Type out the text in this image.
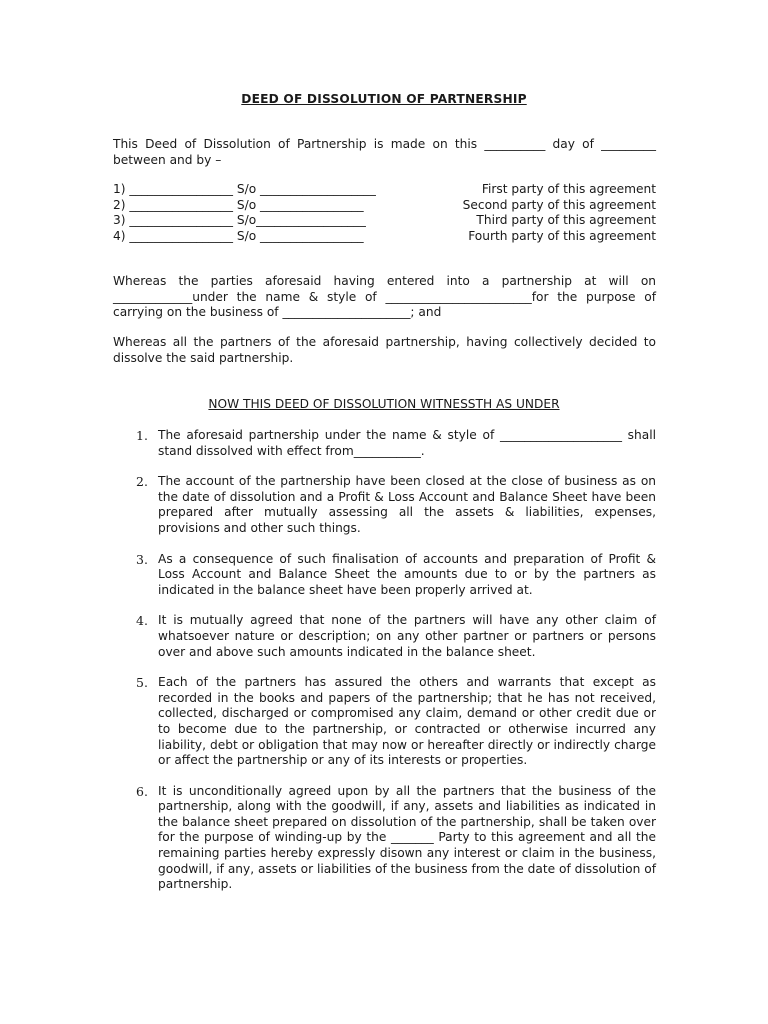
DEED OF DISSOLUTION OF PARTNERSHIP
This Deed of Dissolution of Partnership is made on this __________ day of _________ between and by –
1) _________________ S/o ___________________	First party of this agreement
2) _________________ S/o _________________	Second party of this agreement
3) _________________ S/o__________________	Third party of this agreement
4) _________________ S/o _________________	Fourth party of this agreement
Whereas the parties aforesaid having entered into a partnership at will on _____________under the name & style of ________________________for the purpose of carrying on the business of _____________________; and
Whereas all the partners of the aforesaid partnership, having collectively decided to dissolve the said partnership.
NOW THIS DEED OF DISSOLUTION WITNESSTH AS UNDER
1. The aforesaid partnership under the name & style of ____________________ shall stand dissolved with effect from___________.
2. The account of the partnership have been closed at the close of business as on the date of dissolution and a Profit & Loss Account and Balance Sheet have been prepared after mutually assessing all the assets & liabilities, expenses, provisions and other such things.
3. As a consequence of such finalisation of accounts and preparation of Profit & Loss Account and Balance Sheet the amounts due to or by the partners as indicated in the balance sheet have been properly arrived at.
4. It is mutually agreed that none of the partners will have any other claim of whatsoever nature or description; on any other partner or partners or persons over and above such amounts indicated in the balance sheet.
5. Each of the partners has assured the others and warrants that except as recorded in the books and papers of the partnership; that he has not received, collected, discharged or compromised any claim, demand or other credit due or to become due to the partnership, or contracted or otherwise incurred any liability, debt or obligation that may now or hereafter directly or indirectly charge or affect the partnership or any of its interests or properties.
6. It is unconditionally agreed upon by all the partners that the business of the partnership, along with the goodwill, if any, assets and liabilities as indicated in the balance sheet prepared on dissolution of the partnership, shall be taken over for the purpose of winding-up by the _______ Party to this agreement and all the remaining parties hereby expressly disown any interest or claim in the business, goodwill, if any, assets or liabilities of the business from the date of dissolution of partnership.
